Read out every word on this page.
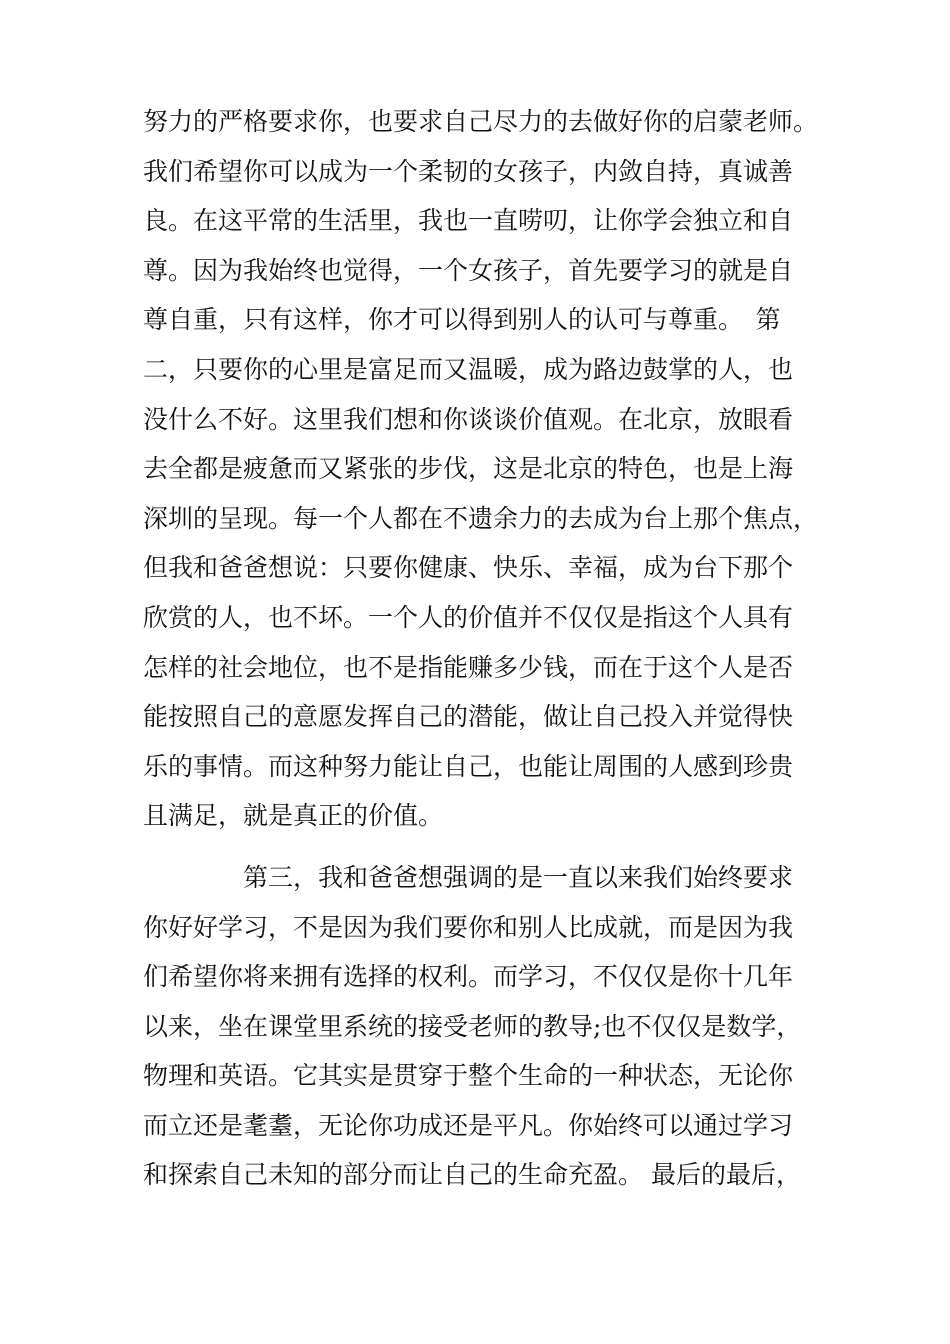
努力的严格要求你，也要求自己尽力的去做好你的启蒙老师。
我们希望你可以成为一个柔韧的女孩子，内敛自持，真诚善
良。在这平常的生活里，我也一直唠叨，让你学会独立和自
尊。因为我始终也觉得，一个女孩子，首先要学习的就是自
尊自重，只有这样，你才可以得到别人的认可与尊重。　第
二，只要你的心里是富足而又温暖，成为路边鼓掌的人，也
没什么不好。这里我们想和你谈谈价值观。在北京，放眼看
去全都是疲惫而又紧张的步伐，这是北京的特色，也是上海
深圳的呈现。每一个人都在不遗余力的去成为台上那个焦点，
但我和爸爸想说：只要你健康、快乐、幸福，成为台下那个
欣赏的人，也不坏。一个人的价值并不仅仅是指这个人具有
怎样的社会地位，也不是指能赚多少钱，而在于这个人是否
能按照自己的意愿发挥自己的潜能，做让自己投入并觉得快
乐的事情。而这种努力能让自己，也能让周围的人感到珍贵
且满足，就是真正的价值。
　　　　第三，我和爸爸想强调的是一直以来我们始终要求
你好好学习，不是因为我们要你和别人比成就，而是因为我
们希望你将来拥有选择的权利。而学习，不仅仅是你十几年
以来，坐在课堂里系统的接受老师的教导;也不仅仅是数学，
物理和英语。它其实是贯穿于整个生命的一种状态，无论你
而立还是耄耋，无论你功成还是平凡。你始终可以通过学习
和探索自己未知的部分而让自己的生命充盈。 最后的最后，
